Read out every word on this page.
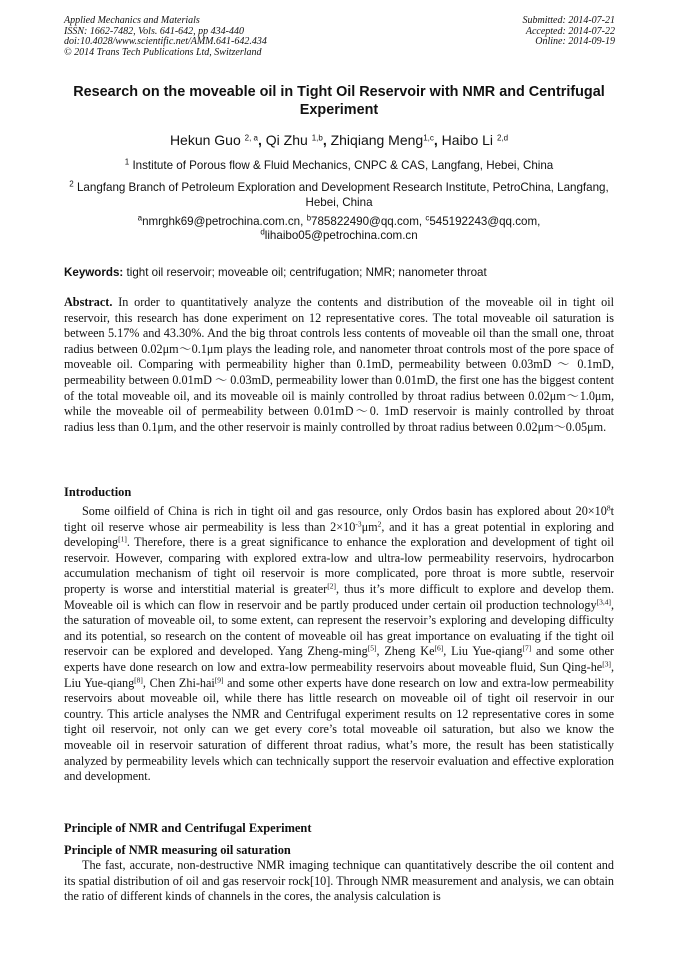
Applied Mechanics and Materials
ISSN: 1662-7482, Vols. 641-642, pp 434-440
doi:10.4028/www.scientific.net/AMM.641-642.434
© 2014 Trans Tech Publications Ltd, Switzerland
Submitted: 2014-07-21
Accepted: 2014-07-22
Online: 2014-09-19
Research on the moveable oil in Tight Oil Reservoir with NMR and Centrifugal Experiment
Hekun Guo $^{2, a}$, Qi Zhu $^{1,b}$, Zhiqiang Meng$^{1,c}$, Haibo Li $^{2,d}$
$^1$ Institute of Porous flow & Fluid Mechanics, CNPC & CAS, Langfang, Hebei, China
$^2$ Langfang Branch of Petroleum Exploration and Development Research Institute, PetroChina, Langfang, Hebei, China
$^a$nmrghk69@petrochina.com.cn, $^b$785822490@qq.com, $^c$545192243@qq.com,
$^d$lihaibo05@petrochina.com.cn
Keywords: tight oil reservoir; moveable oil; centrifugation; NMR; nanometer throat
Abstract. In order to quantitatively analyze the contents and distribution of the moveable oil in tight oil reservoir, this research has done experiment on 12 representative cores. The total moveable oil saturation is between 5.17% and 43.30%. And the big throat controls less contents of moveable oil than the small one, throat radius between 0.02μm～0.1μm plays the leading role, and nanometer throat controls most of the pore space of moveable oil. Comparing with permeability higher than 0.1mD, permeability between 0.03mD ～ 0.1mD, permeability between 0.01mD ～ 0.03mD, permeability lower than 0.01mD, the first one has the biggest content of the total moveable oil, and its moveable oil is mainly controlled by throat radius between 0.02μm～1.0μm, while the moveable oil of permeability between 0.01mD～0. 1mD reservoir is mainly controlled by throat radius less than 0.1μm, and the other reservoir is mainly controlled by throat radius between 0.02μm～0.05μm.
Introduction
Some oilfield of China is rich in tight oil and gas resource, only Ordos basin has explored about $20\times 10^8t$ tight oil reserve whose air permeability is less than $2\times 10^{-3}\mu m^2$, and it has a great potential in exploring and developing[1]. Therefore, there is a great significance to enhance the exploration and development of tight oil reservoir. However, comparing with explored extra-low and ultra-low permeability reservoirs, hydrocarbon accumulation mechanism of tight oil reservoir is more complicated, pore throat is more subtle, reservoir property is worse and interstitial material is greater[2], thus it’s more difficult to explore and develop them. Moveable oil is which can flow in reservoir and be partly produced under certain oil production technology[3,4], the saturation of moveable oil, to some extent, can represent the reservoir’s exploring and developing difficulty and its potential, so research on the content of moveable oil has great importance on evaluating if the tight oil reservoir can be explored and developed. Yang Zheng-ming[5], Zheng Ke[6], Liu Yue-qiang[7] and some other experts have done research on low and extra-low permeability reservoirs about moveable fluid, Sun Qing-he[3], Liu Yue-qiang[8], Chen Zhi-hai[9] and some other experts have done research on low and extra-low permeability reservoirs about moveable oil, while there has little research on moveable oil of tight oil reservoir in our country. This article analyses the NMR and Centrifugal experiment results on 12 representative cores in some tight oil reservoir, not only can we get every core’s total moveable oil saturation, but also we know the moveable oil in reservoir saturation of different throat radius, what’s more, the result has been statistically analyzed by permeability levels which can technically support the reservoir evaluation and effective exploration and development.
Principle of NMR and Centrifugal Experiment
Principle of NMR measuring oil saturation
The fast, accurate, non-destructive NMR imaging technique can quantitatively describe the oil content and its spatial distribution of oil and gas reservoir rock[10]. Through NMR measurement and analysis, we can obtain the ratio of different kinds of channels in the cores, the analysis calculation is
